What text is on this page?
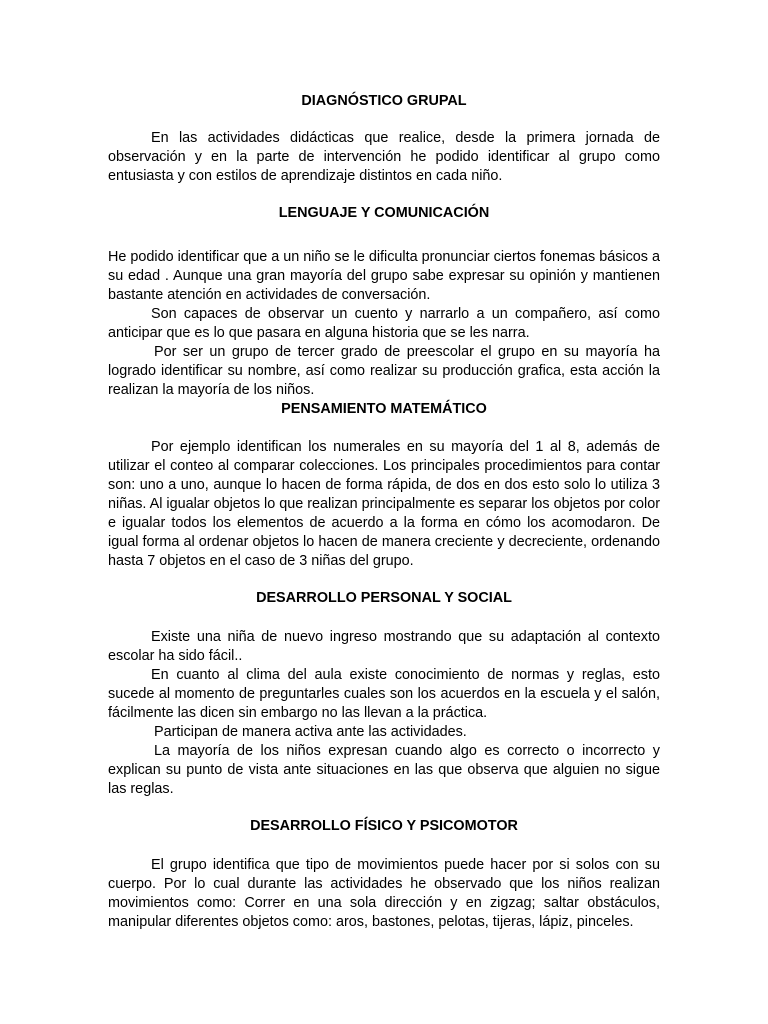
DIAGNÓSTICO GRUPAL

En las actividades didácticas que realice, desde la primera jornada de observación y en la parte de intervención he podido identificar al grupo como entusiasta y con estilos de aprendizaje distintos en cada niño.

LENGUAJE Y COMUNICACIÓN

He podido identificar que a un niño se le dificulta pronunciar ciertos fonemas básicos a su edad . Aunque una gran mayoría del grupo sabe expresar su opinión y mantienen bastante atención en actividades de conversación.

Son capaces de observar un cuento y narrarlo a un compañero, así como anticipar que es lo que pasara en alguna historia que se les narra.

Por ser un grupo de tercer grado de preescolar el grupo en su mayoría ha logrado identificar su nombre, así como realizar su producción grafica, esta acción la realizan la mayoría de los niños.

PENSAMIENTO MATEMÁTICO

Por ejemplo identifican los numerales en su mayoría del 1 al 8, además de utilizar el conteo al comparar colecciones. Los principales procedimientos para contar son: uno a uno, aunque lo hacen de forma rápida, de dos en dos esto solo lo utiliza 3 niñas. Al igualar objetos lo que realizan principalmente es separar los objetos por color e igualar todos los elementos de acuerdo a la forma en cómo los acomodaron. De igual forma al ordenar objetos lo hacen de manera creciente y decreciente, ordenando hasta 7 objetos en el caso de 3 niñas del grupo.

DESARROLLO PERSONAL Y SOCIAL

Existe una niña de nuevo ingreso mostrando que su adaptación al contexto escolar ha sido fácil..

En cuanto al clima del aula existe conocimiento de normas y reglas, esto sucede al momento de preguntarles cuales son los acuerdos en la escuela y el salón, fácilmente las dicen sin embargo no las llevan a la práctica.

Participan de manera activa ante las actividades.

La mayoría de los niños expresan cuando algo es correcto o incorrecto y explican su punto de vista ante situaciones en las que observa que alguien no sigue las reglas.

DESARROLLO FÍSICO Y PSICOMOTOR

El grupo identifica que tipo de movimientos puede hacer por si solos con su cuerpo. Por lo cual durante las actividades he observado que los niños realizan movimientos como: Correr en una sola dirección y en zigzag; saltar obstáculos, manipular diferentes objetos como: aros, bastones, pelotas, tijeras, lápiz, pinceles.
